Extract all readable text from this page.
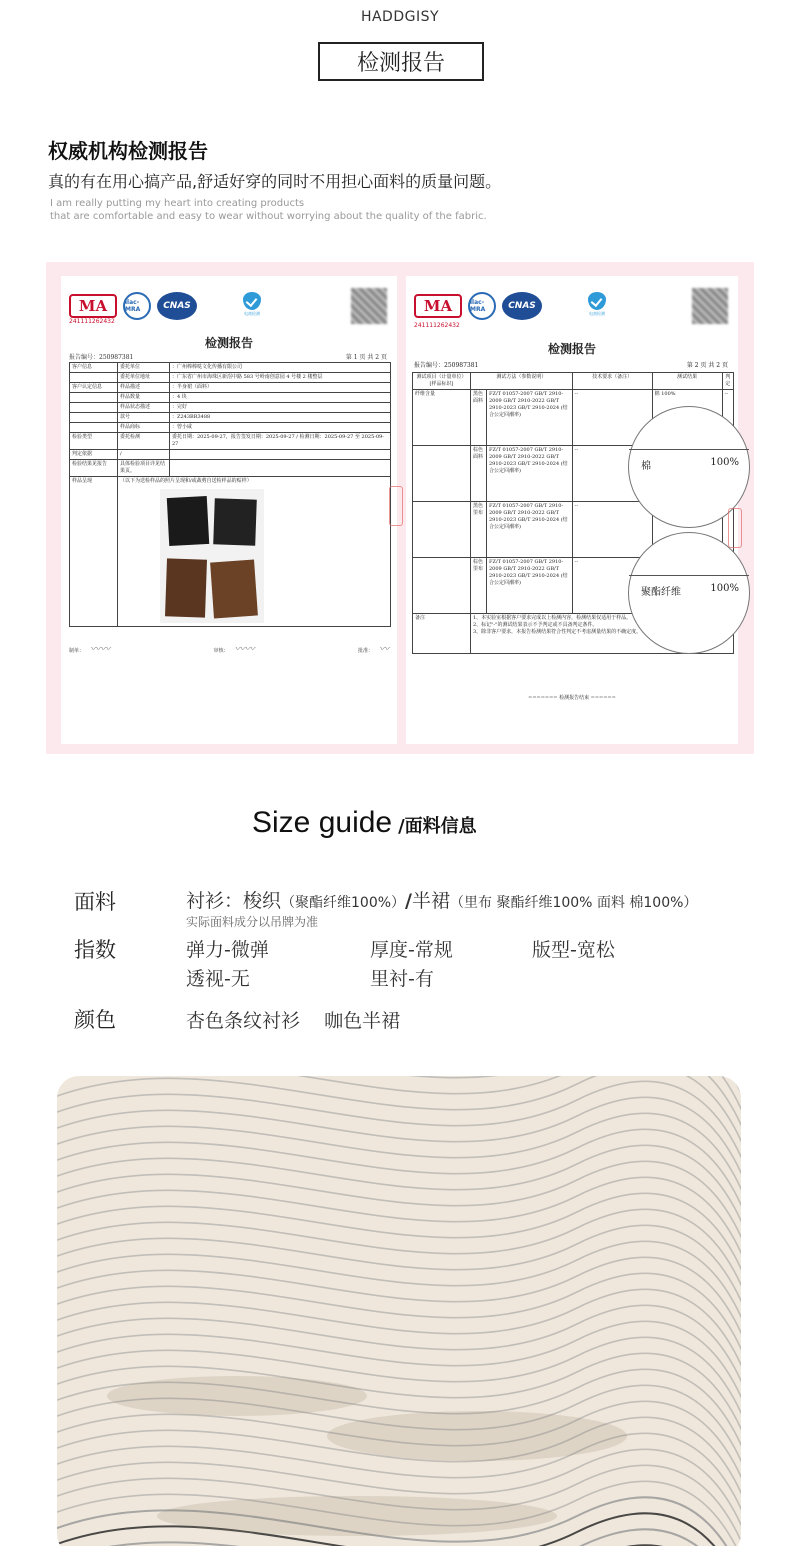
HADDGISY
检测报告
权威机构检测报告
真的有在用心搞产品,舒适好穿的同时不用担心面料的质量问题。
I am really putting my heart into creating products
that are comfortable and easy to wear without worrying about the quality of the fabric.
MA	ilac-MRA	CNAS
电商检测
241111262432
检测报告
报告编号：250987381	第 1 页 共 2 页
客户信息	委托单位	：广州棒棒哒文化传播有限公司
	委托单位地址	：广东省广州市海珠区新滘中路 583 号岭南创意园 4 号楼 2 楼整层
客户认定信息	样品描述	：半身裙（面料）
	样品数量	：4 块
	样品状态描述	：完好
	款号	：Z243BR3488
	样品商标	：曾小咸
检验类型	委托检测	委托日期：2025-09-27，报告签发日期：2025-09-27 / 检测日期：2025-09-27 至 2025-09-27
判定依据	/	
检验结果见报告	具体检验项目详见结果页。	
样品呈现	（以下为送检样品的照片呈现和/或裁剪自送检样品的贴样）	
制单： 〰〰	审核： 〰〰	批准： 〰
MA	ilac-MRA	CNAS
电商检测
241111262432
检测报告
报告编号：250987381	第 2 页 共 2 页
测试项目（计量单位）[样品标识]	测试方法（参数说明）		技术要求（备注）	测试结果	判定
纤维含量	黑色面料	FZ/T 01057-2007 GB/T 2910-2009 GB/T 2910-2022 GB/T 2910-2023 GB/T 2910-2024 (结合公定回潮率)	--	棉 100%	--
	棕色面料	FZ/T 01057-2007 GB/T 2910-2009 GB/T 2910-2022 GB/T 2910-2023 GB/T 2910-2024 (结合公定回潮率)	--		
	黑色里布	FZ/T 01057-2007 GB/T 2910-2009 GB/T 2910-2022 GB/T 2910-2023 GB/T 2910-2024 (结合公定回潮率)	--		
	棕色里布	FZ/T 01057-2007 GB/T 2910-2009 GB/T 2910-2022 GB/T 2910-2023 GB/T 2910-2024 (结合公定回潮率)	--		
备注	1、本实验室根据客户要求完成以上检测内容，检测结果仅适用于样品。
2、标记"-"的测试结果表示不予判定或不具备判定条件。
3、除非客户要求，本报告检测结果符合性判定不考虑测量结果的不确定度。				
棉	100%
聚酯纤维	100%
======= 检测报告结束 ======
Size guide /面料信息
面料	衬衫：梭织（聚酯纤维100%）/半裙（里布 聚酯纤维100% 面料 棉100%）
实际面料成分以吊牌为准
指数	弹力-微弹	厚度-常规	版型-宽松
透视-无	里衬-有
颜色	杏色条纹衬衫    咖色半裙
